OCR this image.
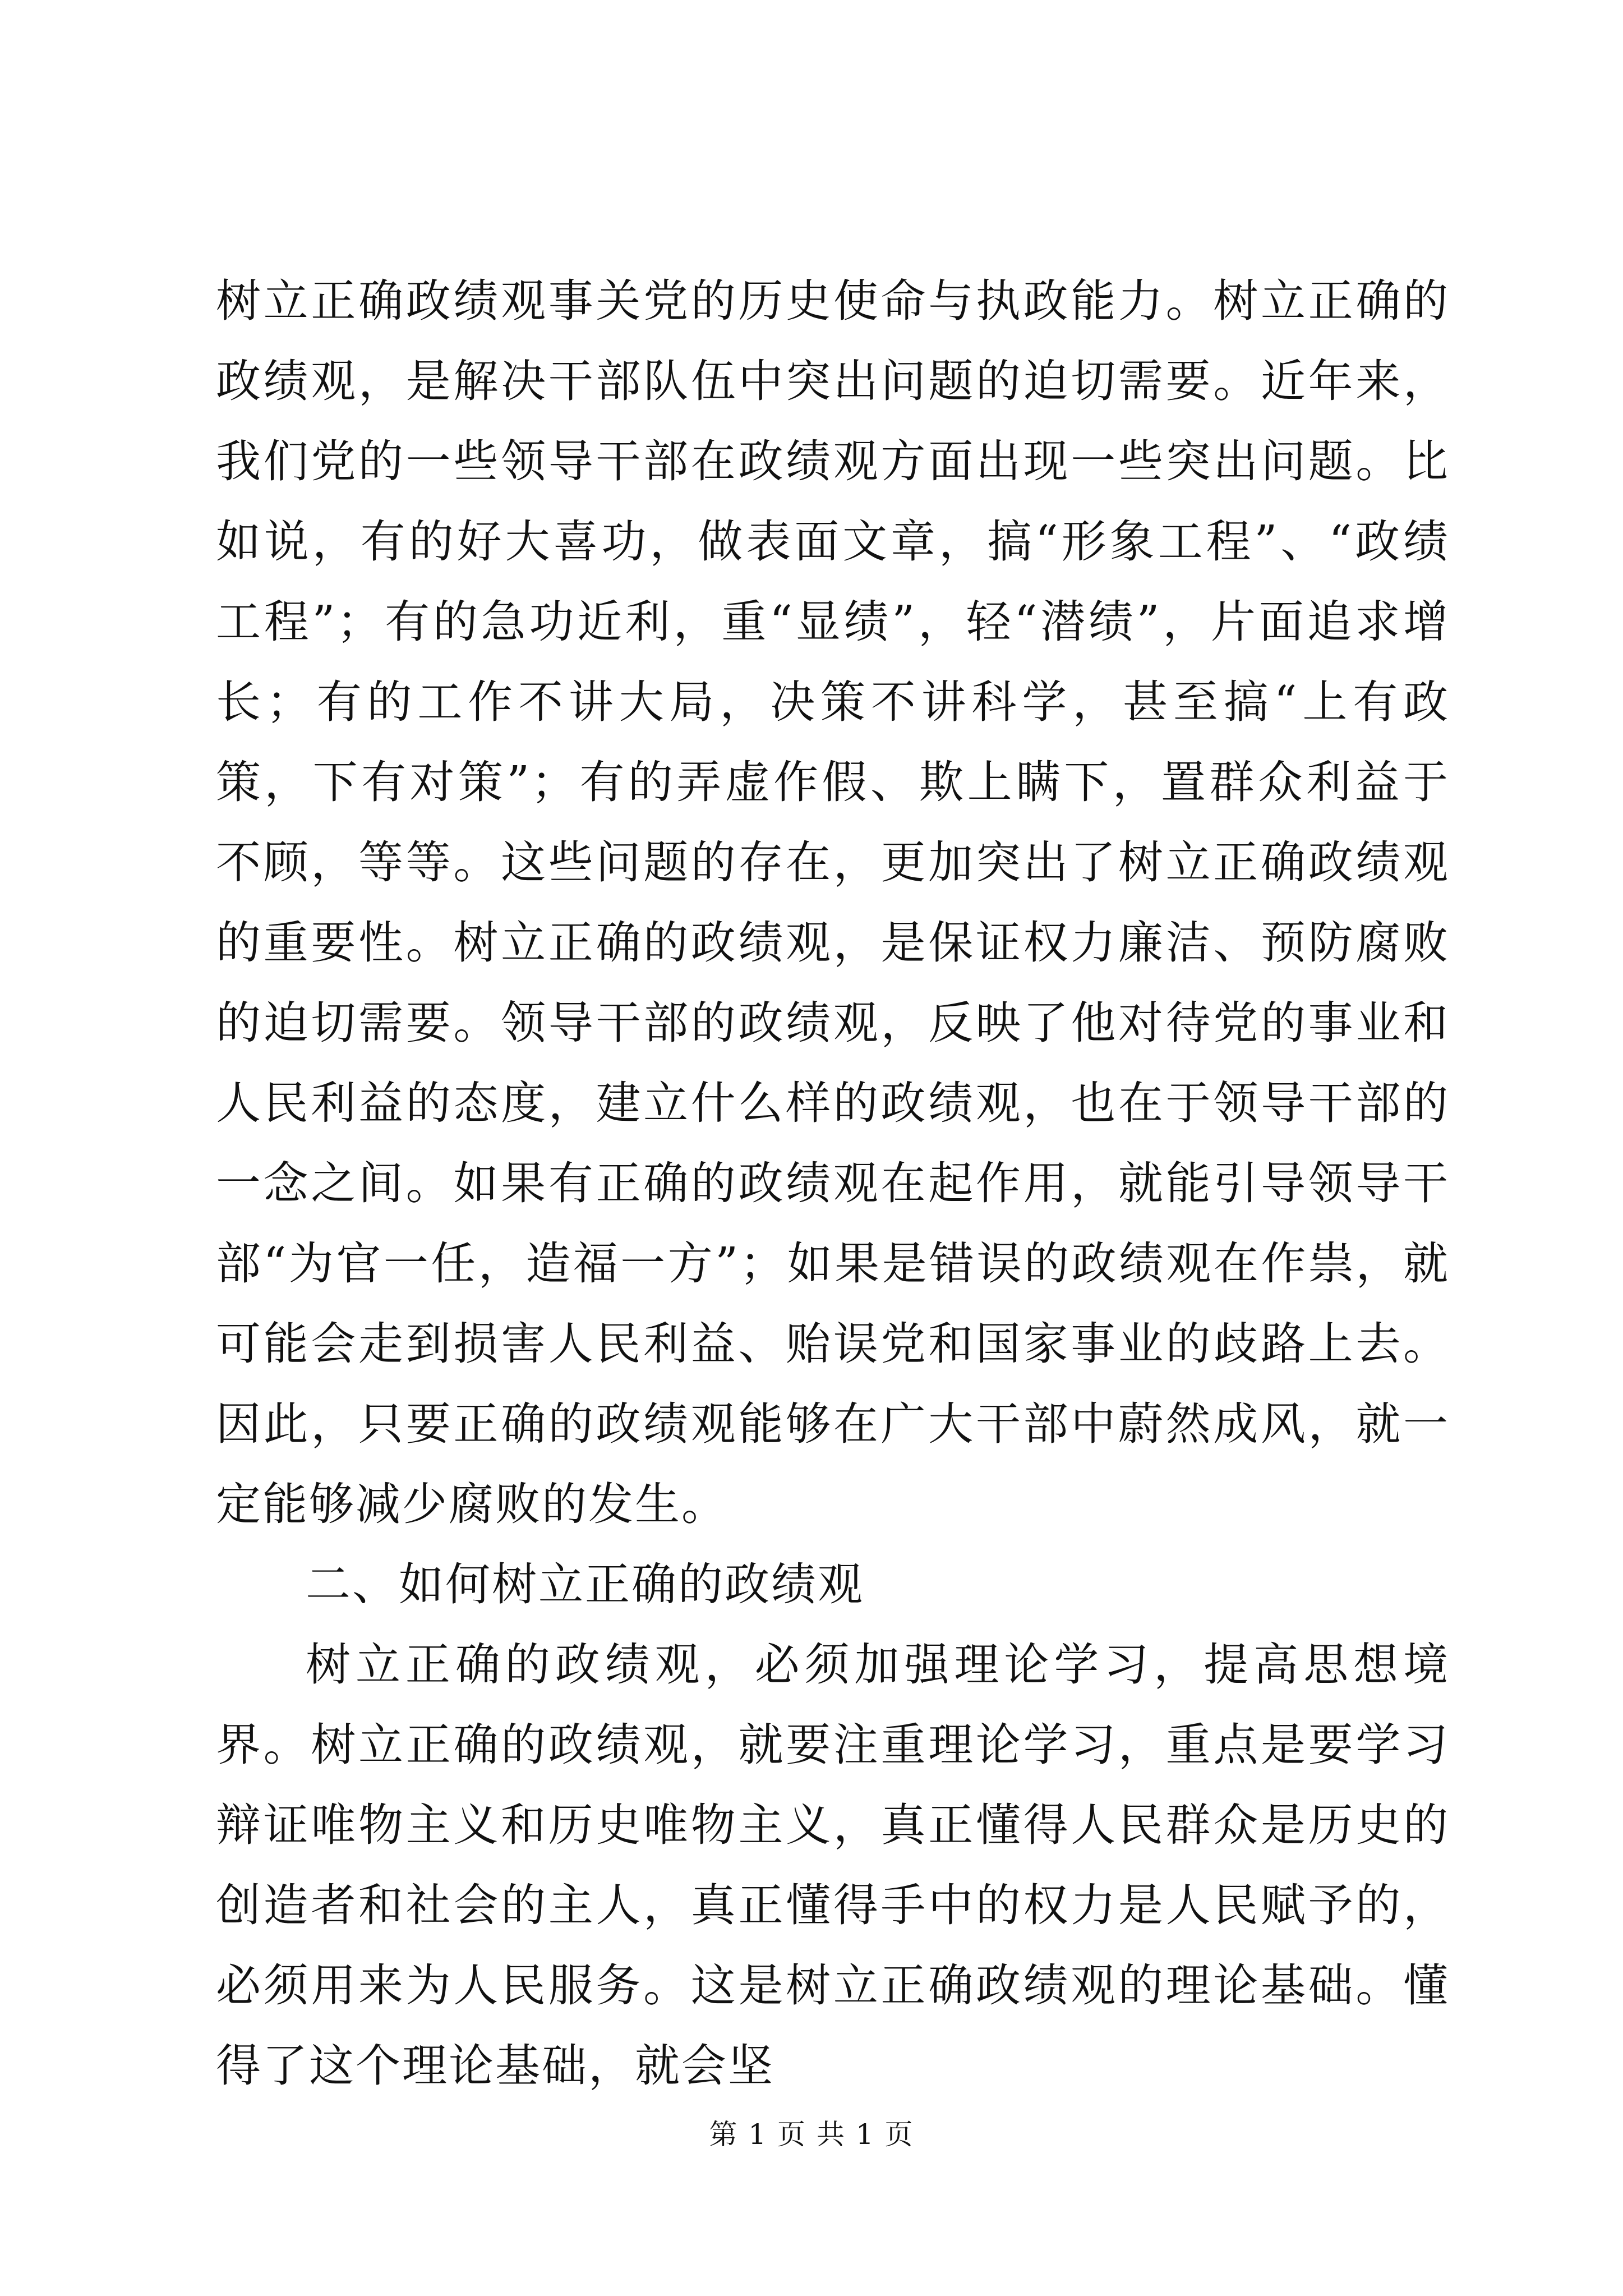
树立正确政绩观事关党的历史使命与执政能力。树立正确的政绩观，是解决干部队伍中突出问题的迫切需要。近年来，我们党的一些领导干部在政绩观方面出现一些突出问题。比如说，有的好大喜功，做表面文章，搞“形象工程”、“政绩工程”；有的急功近利，重“显绩”，轻“潜绩”，片面追求增长；有的工作不讲大局，决策不讲科学，甚至搞“上有政策，下有对策”；有的弄虚作假、欺上瞒下，置群众利益于不顾，等等。这些问题的存在，更加突出了树立正确政绩观的重要性。树立正确的政绩观，是保证权力廉洁、预防腐败的迫切需要。领导干部的政绩观，反映了他对待党的事业和人民利益的态度，建立什么样的政绩观，也在于领导干部的一念之间。如果有正确的政绩观在起作用，就能引导领导干部“为官一任，造福一方”；如果是错误的政绩观在作祟，就可能会走到损害人民利益、贻误党和国家事业的歧路上去。因此，只要正确的政绩观能够在广大干部中蔚然成风，就一定能够减少腐败的发生。

二、如何树立正确的政绩观

树立正确的政绩观，必须加强理论学习，提高思想境界。树立正确的政绩观，就要注重理论学习，重点是要学习辩证唯物主义和历史唯物主义，真正懂得人民群众是历史的创造者和社会的主人，真正懂得手中的权力是人民赋予的，必须用来为人民服务。这是树立正确政绩观的理论基础。懂得了这个理论基础，就会坚

第 1 页 共 1 页
